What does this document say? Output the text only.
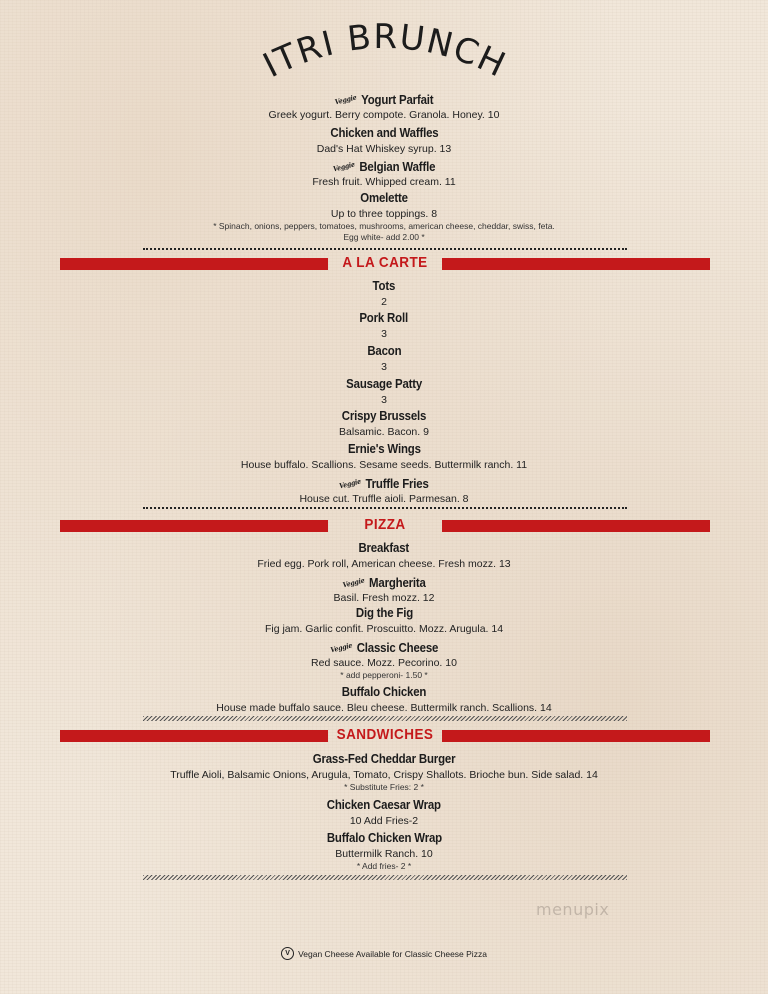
ITRI BRUNCH
Veggie Yogurt Parfait
Greek yogurt. Berry compote. Granola. Honey. 10
Chicken and Waffles
Dad's Hat Whiskey syrup. 13
Veggie Belgian Waffle
Fresh fruit. Whipped cream. 11
Omelette
Up to three toppings. 8
* Spinach, onions, peppers, tomatoes, mushrooms, american cheese, cheddar, swiss, feta.
Egg white- add 2.00 *
A LA CARTE
Tots
2
Pork Roll
3
Bacon
3
Sausage Patty
3
Crispy Brussels
Balsamic. Bacon. 9
Ernie's Wings
House buffalo. Scallions. Sesame seeds. Buttermilk ranch. 11
Veggie Truffle Fries
House cut. Truffle aioli. Parmesan. 8
PIZZA
Breakfast
Fried egg. Pork roll, American cheese. Fresh mozz. 13
Veggie Margherita
Basil. Fresh mozz. 12
Dig the Fig
Fig jam. Garlic confit. Proscuitto. Mozz. Arugula. 14
Veggie Classic Cheese
Red sauce. Mozz. Pecorino. 10
* add pepperoni- 1.50 *
Buffalo Chicken
House made buffalo sauce. Bleu cheese. Buttermilk ranch. Scallions. 14
SANDWICHES
Grass-Fed Cheddar Burger
Truffle Aioli, Balsamic Onions, Arugula, Tomato, Crispy Shallots. Brioche bun. Side salad. 14
* Substitute Fries: 2 *
Chicken Caesar Wrap
10 Add Fries-2
Buffalo Chicken Wrap
Buttermilk Ranch. 10
* Add fries- 2 *
menupix
V Vegan Cheese Available for Classic Cheese Pizza
